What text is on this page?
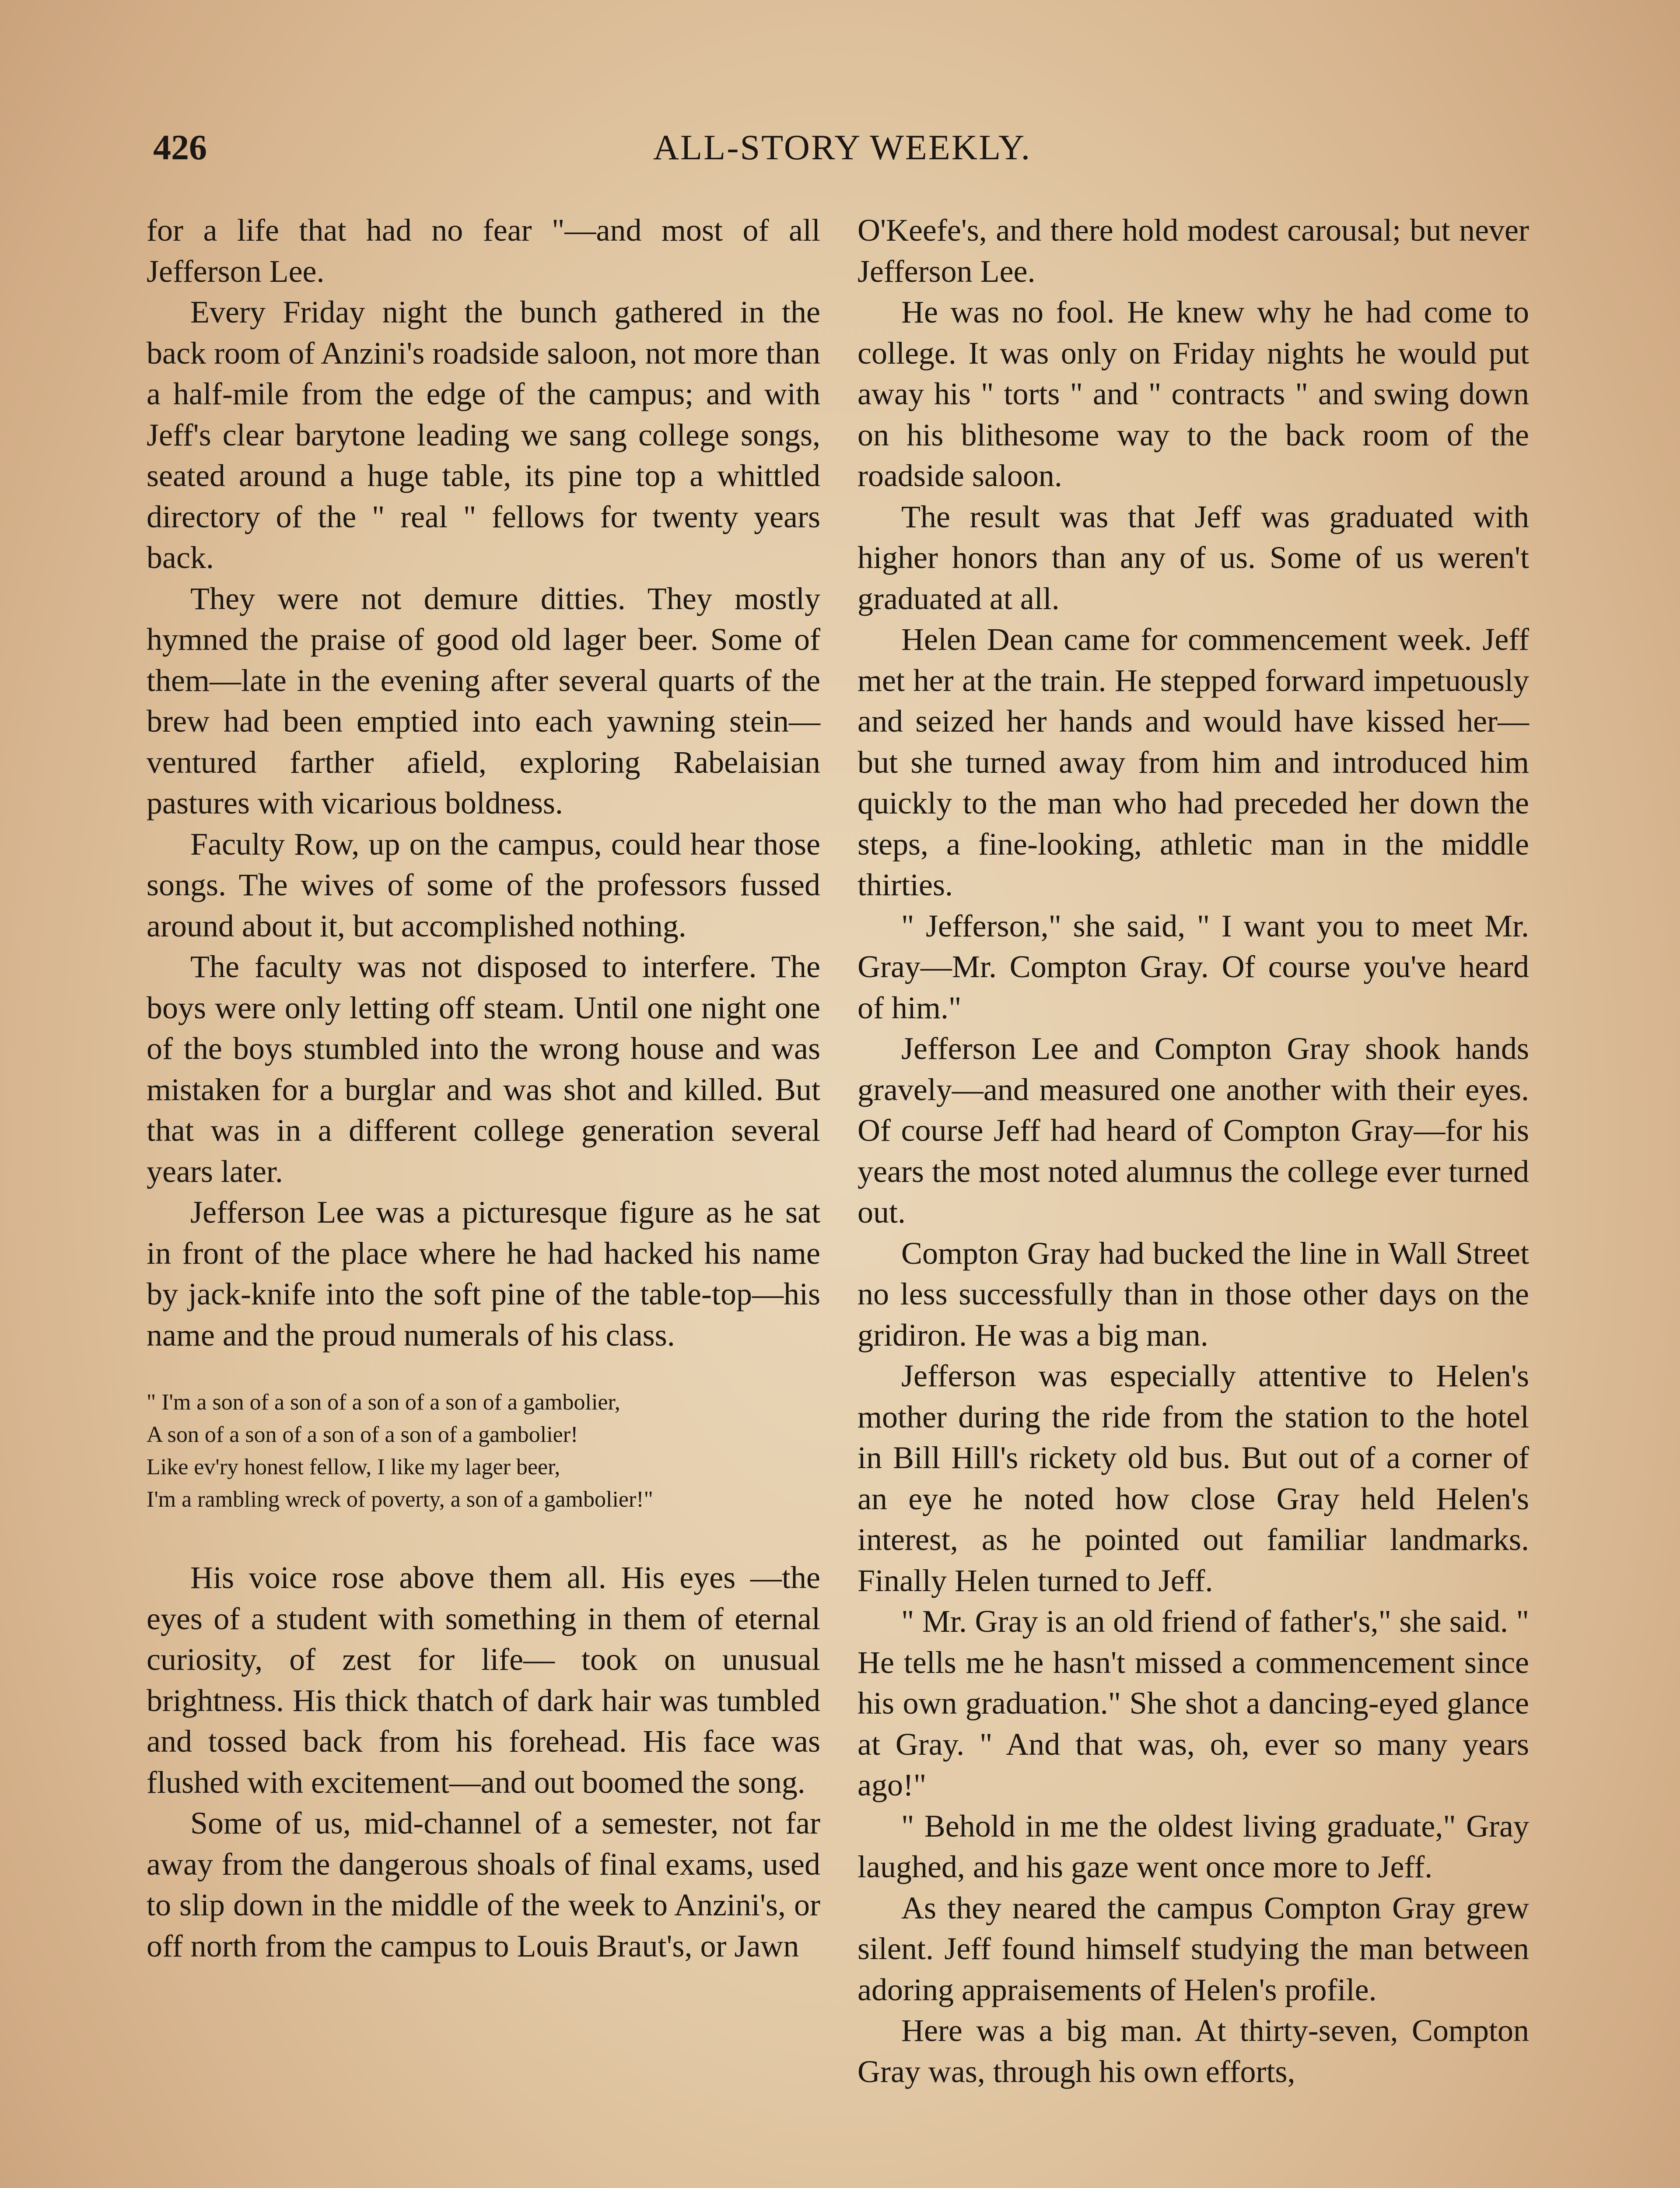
426	ALL-STORY WEEKLY.

for a life that had no fear "—and most of all Jefferson Lee.

Every Friday night the bunch gathered in the back room of Anzini's roadside saloon, not more than a half-mile from the edge of the campus; and with Jeff's clear barytone leading we sang college songs, seated around a huge table, its pine top a whittled directory of the " real " fellows for twenty years back.

They were not demure ditties. They mostly hymned the praise of good old lager beer. Some of them—late in the evening after several quarts of the brew had been emptied into each yawning stein—ventured farther afield, exploring Rabelaisian pastures with vicarious boldness.

Faculty Row, up on the campus, could hear those songs. The wives of some of the professors fussed around about it, but accomplished nothing.

The faculty was not disposed to interfere. The boys were only letting off steam. Until one night one of the boys stumbled into the wrong house and was mistaken for a burglar and was shot and killed. But that was in a different college generation several years later.

Jefferson Lee was a picturesque figure as he sat in front of the place where he had hacked his name by jack-knife into the soft pine of the table-top—his name and the proud numerals of his class.

" I'm a son of a son of a son of a son of a gambolier,

A son of a son of a son of a son of a gambolier!

Like ev'ry honest fellow, I like my lager beer,

I'm a rambling wreck of poverty, a son of a gambolier!"

His voice rose above them all. His eyes —the eyes of a student with something in them of eternal curiosity, of zest for life— took on unusual brightness. His thick thatch of dark hair was tumbled and tossed back from his forehead. His face was flushed with excitement—and out boomed the song.

Some of us, mid-channel of a semester, not far away from the dangerous shoals of final exams, used to slip down in the middle of the week to Anzini's, or off north from the campus to Louis Braut's, or Jawn

O'Keefe's, and there hold modest carousal; but never Jefferson Lee.

He was no fool. He knew why he had come to college. It was only on Friday nights he would put away his " torts " and " contracts " and swing down on his blithesome way to the back room of the roadside saloon.

The result was that Jeff was graduated with higher honors than any of us. Some of us weren't graduated at all.

Helen Dean came for commencement week. Jeff met her at the train. He stepped forward impetuously and seized her hands and would have kissed her—but she turned away from him and introduced him quickly to the man who had preceded her down the steps, a fine-looking, athletic man in the middle thirties.

" Jefferson," she said, " I want you to meet Mr. Gray—Mr. Compton Gray. Of course you've heard of him."

Jefferson Lee and Compton Gray shook hands gravely—and measured one another with their eyes. Of course Jeff had heard of Compton Gray—for his years the most noted alumnus the college ever turned out.

Compton Gray had bucked the line in Wall Street no less successfully than in those other days on the gridiron. He was a big man.

Jefferson was especially attentive to Helen's mother during the ride from the station to the hotel in Bill Hill's rickety old bus. But out of a corner of an eye he noted how close Gray held Helen's interest, as he pointed out familiar landmarks. Finally Helen turned to Jeff.

" Mr. Gray is an old friend of father's," she said. " He tells me he hasn't missed a commencement since his own graduation." She shot a dancing-eyed glance at Gray. " And that was, oh, ever so many years ago!"

" Behold in me the oldest living graduate," Gray laughed, and his gaze went once more to Jeff.

As they neared the campus Compton Gray grew silent. Jeff found himself studying the man between adoring appraisements of Helen's profile.

Here was a big man. At thirty-seven, Compton Gray was, through his own efforts,
